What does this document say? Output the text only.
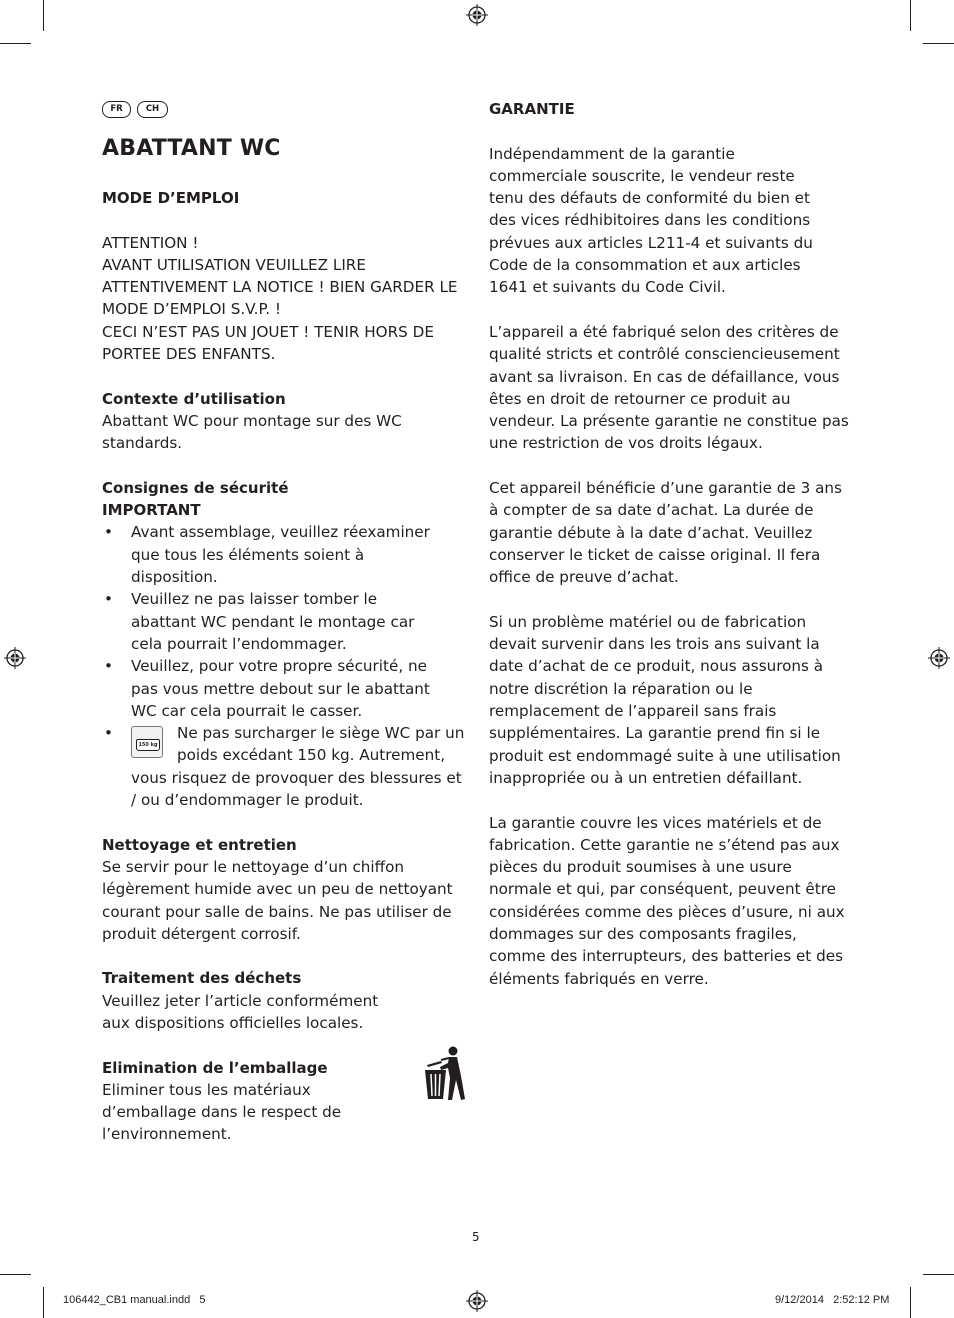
FR	CH

ABATTANT WC

MODE D’EMPLOI

ATTENTION !

AVANT UTILISATION VEUILLEZ LIRE

ATTENTIVEMENT LA NOTICE ! BIEN GARDER LE

MODE D’EMPLOI S.V.P. !

CECI N’EST PAS UN JOUET ! TENIR HORS DE

PORTEE DES ENFANTS.

Contexte d’utilisation

Abattant WC pour montage sur des WC standards.

Consignes de sécurité

IMPORTANT

• Avant assemblage, veuillez réexaminer que tous les éléments soient à disposition.
• Veuillez ne pas laisser tomber le abattant WC pendant le montage car cela pourrait l’endommager.
• Veuillez, pour votre propre sécurité, ne pas vous mettre debout sur le abattant WC car cela pourrait le casser.
• 150 kg
Ne pas surcharger le siège WC par un poids excédant 150 kg. Autrement, vous risquez de provoquer des blessures et / ou d’endommager le produit.

Nettoyage et entretien

Se servir pour le nettoyage d’un chiffon légèrement humide avec un peu de nettoyant courant pour salle de bains. Ne pas utiliser de produit détergent corrosif.

Traitement des déchets

Veuillez jeter l’article conformément aux dispositions officielles locales.

Elimination de l’emballage

Eliminer tous les matériaux d’emballage dans le respect de l’environnement.

GARANTIE

Indépendamment de la garantie commerciale souscrite, le vendeur reste tenu des défauts de conformité du bien et des vices rédhibitoires dans les conditions prévues aux articles L211-4 et suivants du Code de la consommation et aux articles 1641 et suivants du Code Civil.

L’appareil a été fabriqué selon des critères de qualité stricts et contrôlé consciencieusement avant sa livraison. En cas de défaillance, vous êtes en droit de retourner ce produit au vendeur. La présente garantie ne constitue pas une restriction de vos droits légaux.

Cet appareil bénéficie d’une garantie de 3 ans à compter de sa date d’achat. La durée de garantie débute à la date d’achat. Veuillez conserver le ticket de caisse original. Il fera office de preuve d’achat.

Si un problème matériel ou de fabrication devait survenir dans les trois ans suivant la date d’achat de ce produit, nous assurons à notre discrétion la réparation ou le remplacement de l’appareil sans frais supplémentaires. La garantie prend fin si le produit est endommagé suite à une utilisation inappropriée ou à un entretien défaillant.

La garantie couvre les vices matériels et de fabrication. Cette garantie ne s’étend pas aux pièces du produit soumises à une usure normale et qui, par conséquent, peuvent être considérées comme des pièces d’usure, ni aux dommages sur des composants fragiles, comme des interrupteurs, des batteries et des éléments fabriqués en verre.

5
106442_CB1 manual.indd   5	9/12/2014   2:52:12 PM
